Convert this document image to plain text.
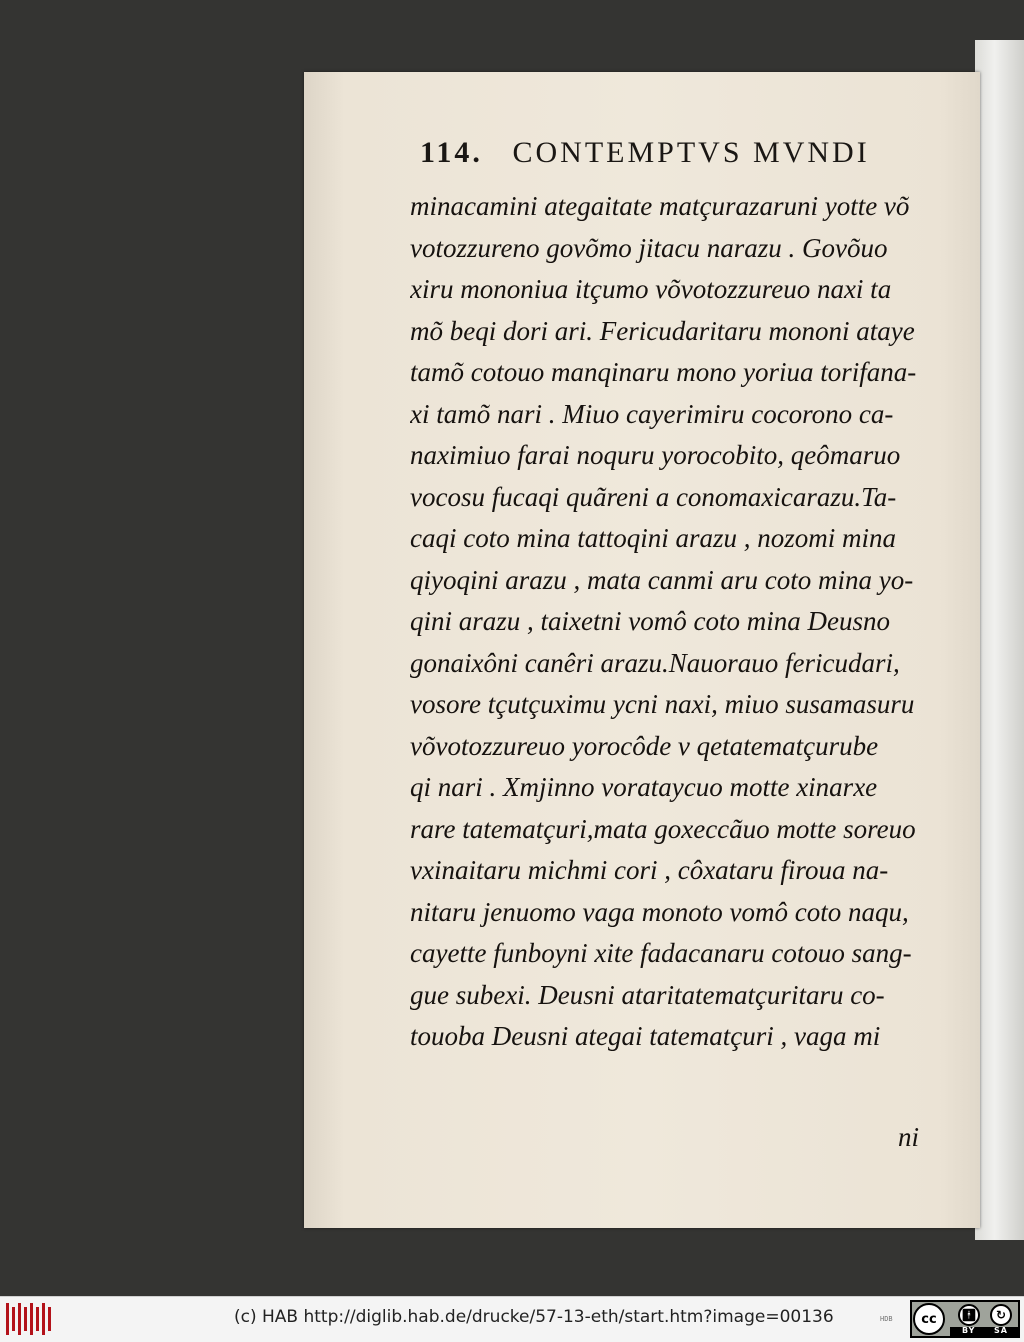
114. CONTEMPTVS MVNDI
minacamini ategaitate matçurazaruni yotte võ
votozzureno govõmo jitacu narazu . Govõuo
xiru mononiua itçumo võvotozzureuo naxi ta
mõ beqi dori ari. Fericudaritaru mononi ataye
tamõ cotouo manqinaru mono yoriua torifana-
xi tamõ nari . Miuo cayerimiru cocorono ca-
naximiuo farai noquru yorocobito, qeômaruo
vocosu fucaqi quãreni a conomaxicarazu.Ta-
caqi coto mina tattoqini arazu , nozomi mina
qiyoqini arazu , mata canmi aru coto mina yo-
qini arazu , taixetni vomô coto mina Deusno
gonaixôni canêri arazu.Nauorauo fericudari,
vosore tçutçuximu ycni naxi, miuo susamasuru
võvotozzureuo yorocôde v qetatematçurube
qi nari . Xmjinno vorataycuo motte xinarxe
rare tatematçuri,mata goxeccãuo motte soreuo
vxinaitaru michmi cori , côxataru firoua na-
nitaru jenuomo vaga monoto vomô coto naqu,
cayette funboyni xite fadacanaru cotouo sang-
gue subexi. Deusni ataritatematçuritaru co-
touoba Deusni ategai tatematçuri , vaga mi
ni
(c) HAB http://diglib.hab.de/drucke/57-13-eth/start.htm?image=00136	HDB	cc	🚹︎	↻
BY SA
